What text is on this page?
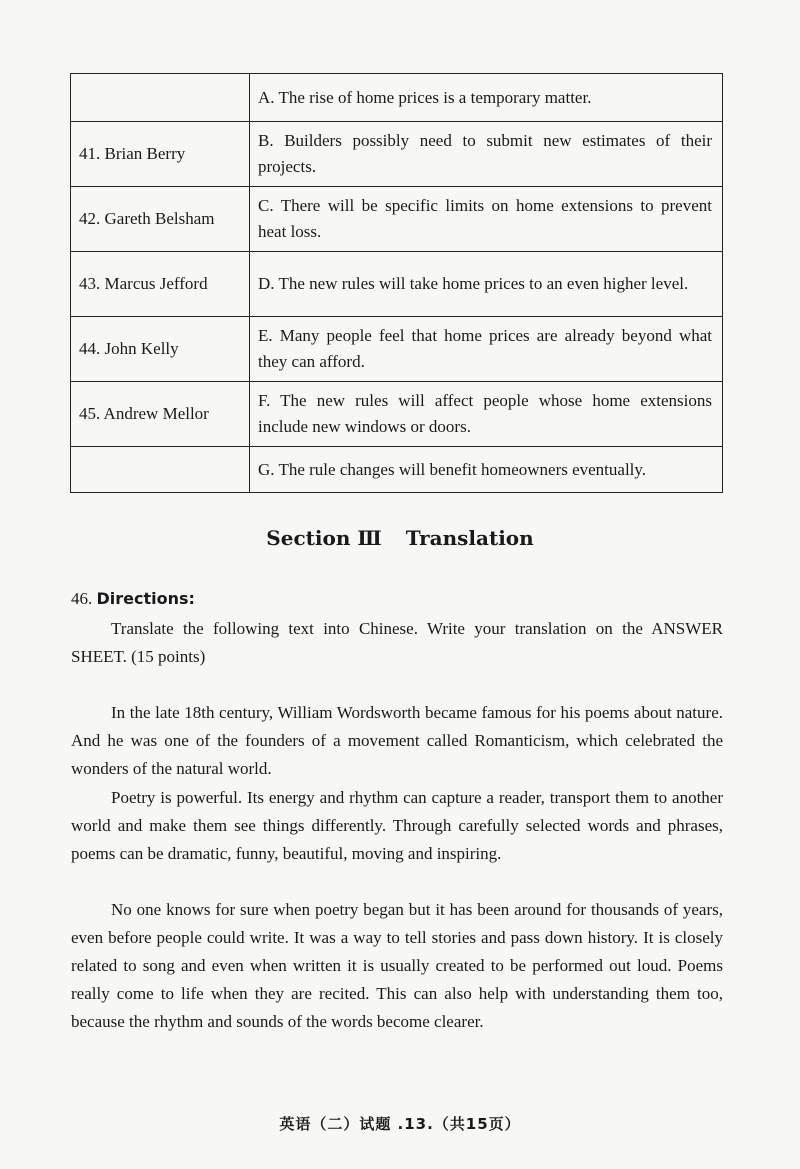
	A. The rise of home prices is a temporary matter.
41. Brian Berry	B. Builders possibly need to submit new estimates of their projects.
42. Gareth Belsham	C. There will be specific limits on home extensions to prevent heat loss.
43. Marcus Jefford	D. The new rules will take home prices to an even higher level.
44. John Kelly	E. Many people feel that home prices are already beyond what they can afford.
45. Andrew Mellor	F. The new rules will affect people whose home extensions include new windows or doors.
	G. The rule changes will benefit homeowners eventually.
Section Ⅲ Translation
46. Directions:
Translate the following text into Chinese. Write your translation on the ANSWER SHEET. (15 points)
In the late 18th century, William Wordsworth became famous for his poems about nature. And he was one of the founders of a movement called Romanticism, which celebrated the wonders of the natural world.
Poetry is powerful. Its energy and rhythm can capture a reader, transport them to another world and make them see things differently. Through carefully selected words and phrases, poems can be dramatic, funny, beautiful, moving and inspiring.
No one knows for sure when poetry began but it has been around for thousands of years, even before people could write. It was a way to tell stories and pass down history. It is closely related to song and even when written it is usually created to be performed out loud. Poems really come to life when they are recited. This can also help with understanding them too, because the rhythm and sounds of the words become clearer.
英语（二）试题 .13.（共15页）
